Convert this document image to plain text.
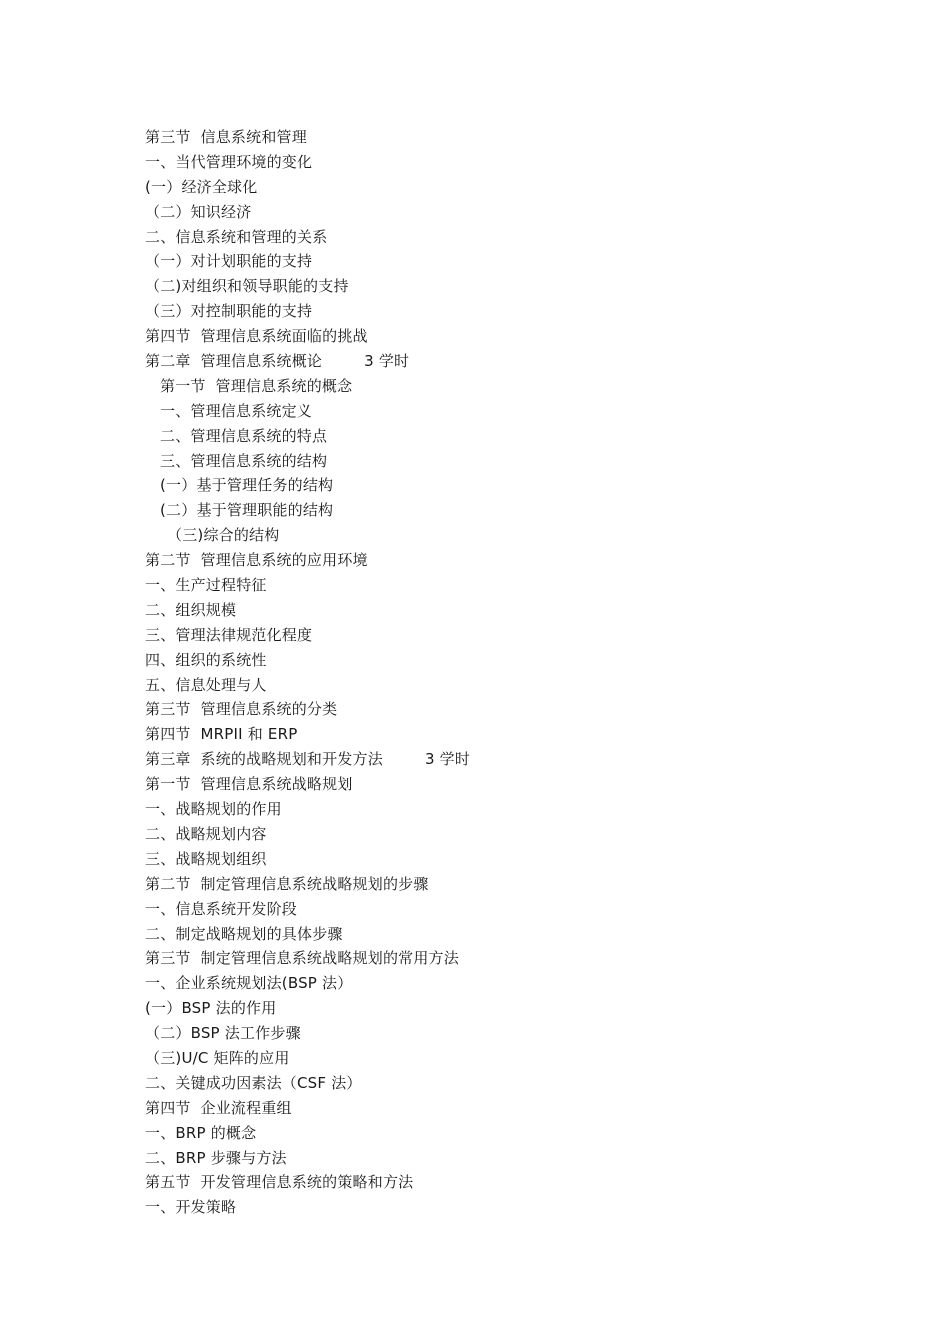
第三节  信息系统和管理
一、当代管理环境的变化
(一）经济全球化
（二）知识经济
二、信息系统和管理的关系
（一）对计划职能的支持
（二)对组织和领导职能的支持
（三）对控制职能的支持
第四节  管理信息系统面临的挑战
第二章  管理信息系统概论	3 学时
第一节  管理信息系统的概念
一、管理信息系统定义
二、管理信息系统的特点
三、管理信息系统的结构
(一）基于管理任务的结构
(二）基于管理职能的结构
（三)综合的结构
第二节  管理信息系统的应用环境
一、生产过程特征
二、组织规模
三、管理法律规范化程度
四、组织的系统性
五、信息处理与人
第三节  管理信息系统的分类
第四节  MRPII 和 ERP
第三章  系统的战略规划和开发方法	3 学时
第一节  管理信息系统战略规划
一、战略规划的作用
二、战略规划内容
三、战略规划组织
第二节  制定管理信息系统战略规划的步骤
一、信息系统开发阶段
二、制定战略规划的具体步骤
第三节  制定管理信息系统战略规划的常用方法
一、企业系统规划法(BSP 法）
(一）BSP 法的作用
（二）BSP 法工作步骤
（三)U/C 矩阵的应用
二、关键成功因素法（CSF 法）
第四节  企业流程重组
一、BRP 的概念
二、BRP 步骤与方法
第五节  开发管理信息系统的策略和方法
一、开发策略
